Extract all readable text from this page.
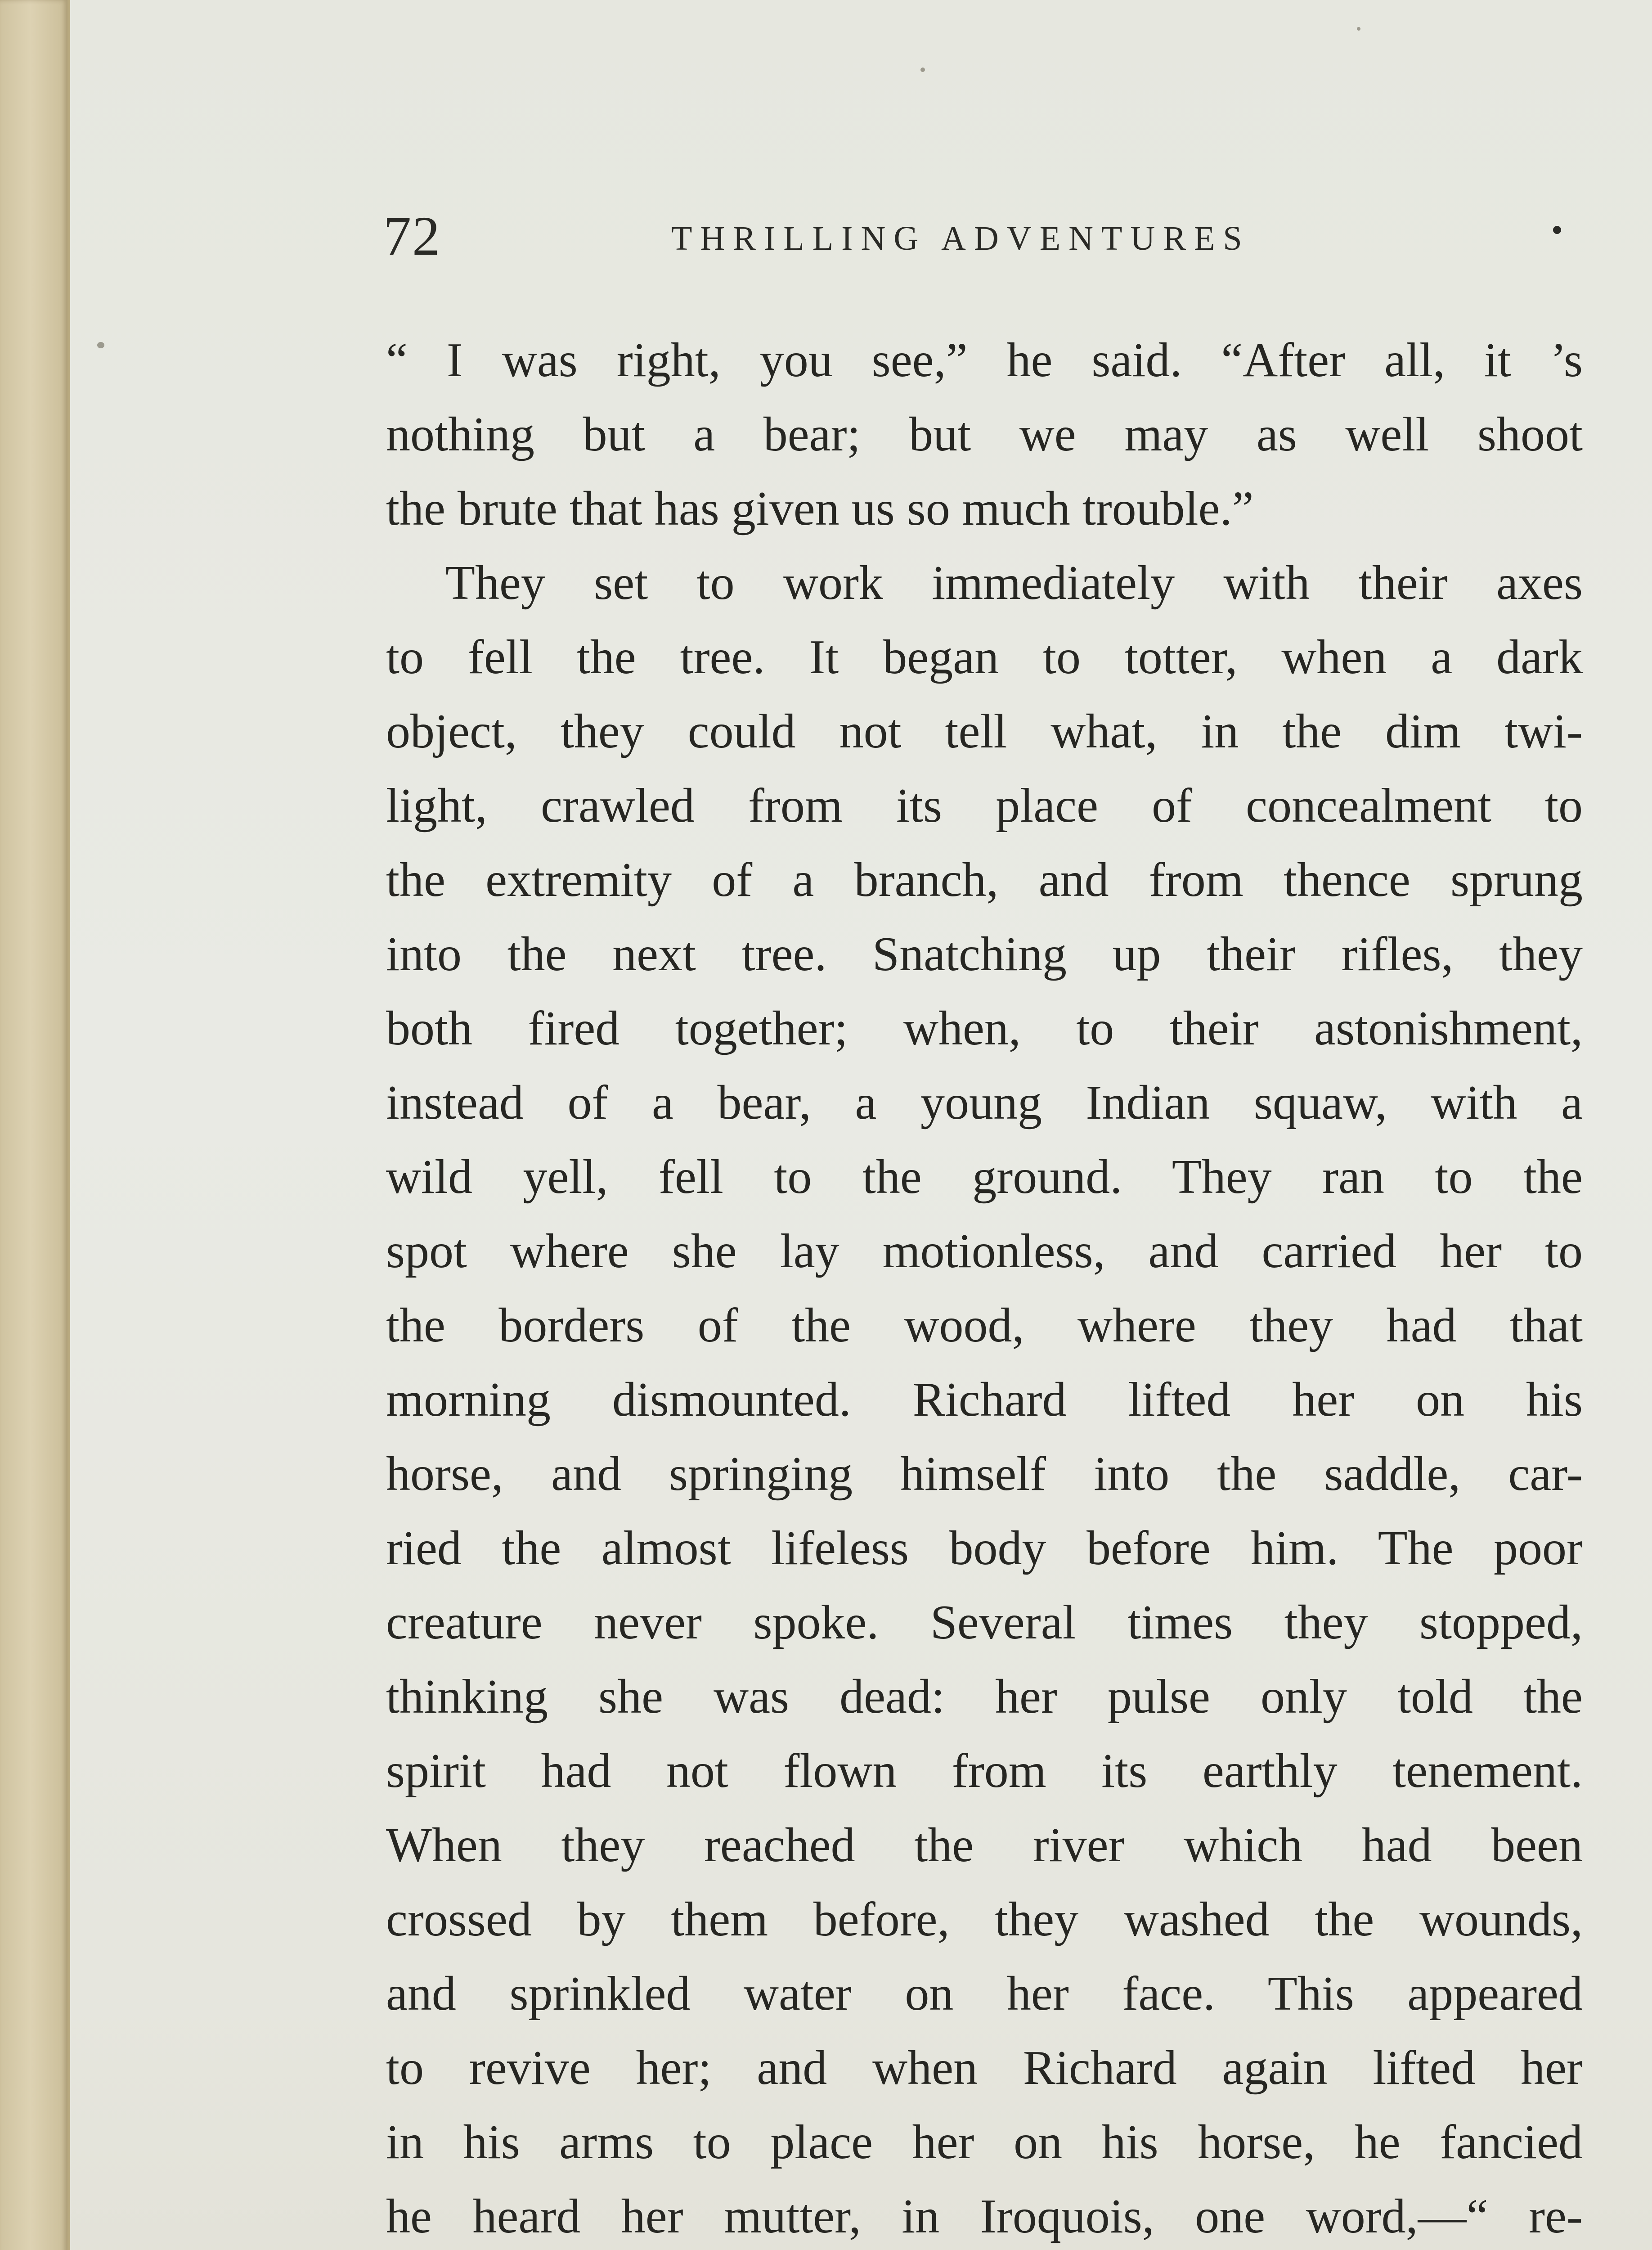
72	THRILLING ADVENTURES
“ I was right, you see,” he said. “After all, it ’s
nothing but a bear; but we may as well shoot
the brute that has given us so much trouble.”
They set to work immediately with their axes
to fell the tree. It began to totter, when a dark
object, they could not tell what, in the dim twi-
light, crawled from its place of concealment to
the extremity of a branch, and from thence sprung
into the next tree. Snatching up their rifles, they
both fired together; when, to their astonishment,
instead of a bear, a young Indian squaw, with a
wild yell, fell to the ground. They ran to the
spot where she lay motionless, and carried her to
the borders of the wood, where they had that
morning dismounted. Richard lifted her on his
horse, and springing himself into the saddle, car-
ried the almost lifeless body before him. The poor
creature never spoke. Several times they stopped,
thinking she was dead: her pulse only told the
spirit had not flown from its earthly tenement.
When they reached the river which had been
crossed by them before, they washed the wounds,
and sprinkled water on her face. This appeared
to revive her; and when Richard again lifted her
in his arms to place her on his horse, he fancied
he heard her mutter, in Iroquois, one word,—“ re-
